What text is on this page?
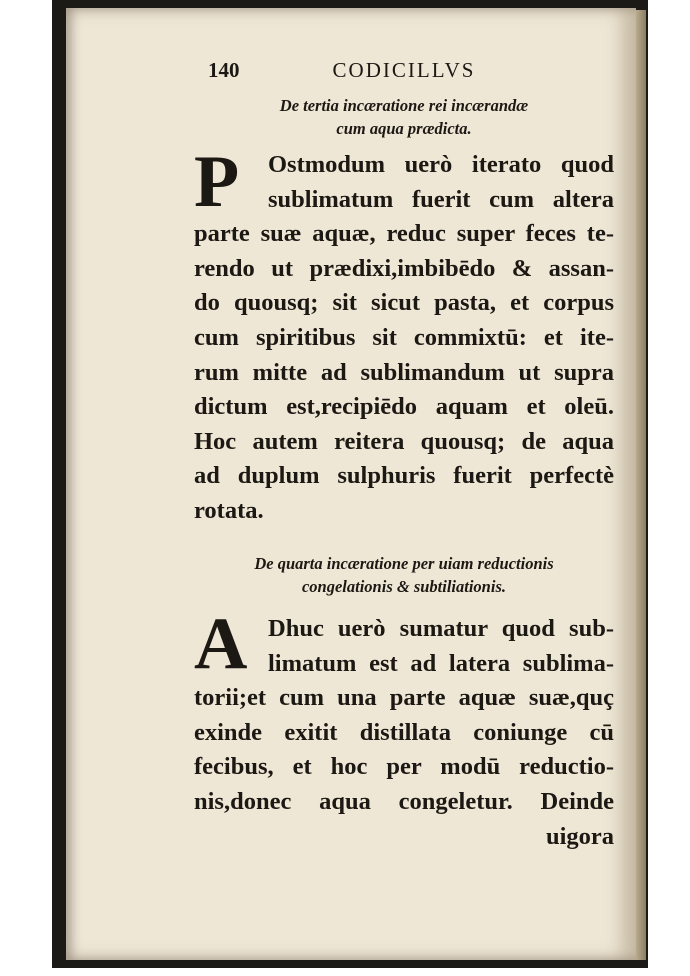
140	CODICILLVS
De tertia incæratione rei incærandæ
cum aqua prædicta.
P	Ostmodum uerò iterato quod
sublimatum fuerit cum altera
parte suæ aquæ, reduc super feces te-
rendo ut prædixi,imbibēdo & assan-
do quousq; sit sicut pasta, et corpus
cum spiritibus sit commixtū: et ite-
rum mitte ad sublimandum ut supra
dictum est,recipiēdo aquam et oleū.
Hoc autem reitera quousq; de aqua
ad duplum sulphuris fuerit perfectè
rotata.
De quarta incæratione per uiam reductionis
congelationis & subtiliationis.
A Dhuc uerò sumatur quod sub-
limatum est ad latera sublima-
torii;et cum una parte aquæ suæ,quç
exinde exitit distillata coniunge cū
fecibus, et hoc per modū reductio-
nis,donec aqua congeletur. Deinde
uigora
